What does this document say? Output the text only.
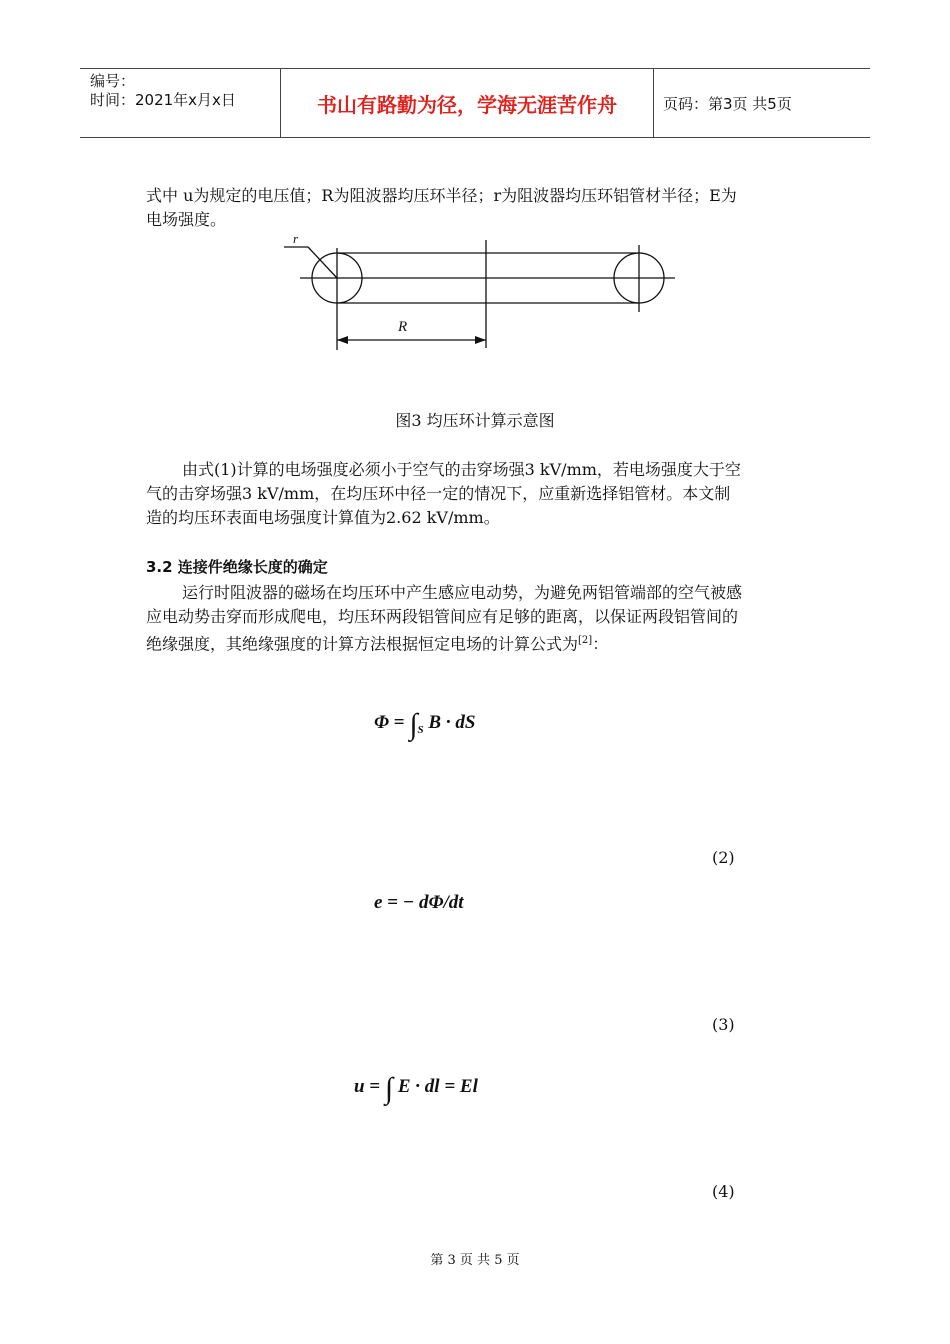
编号：
时间：2021年x月x日	书山有路勤为径，学海无涯苦作舟	页码：第3页 共5页
式中 u为规定的电压值；R为阻波器均压环半径；r为阻波器均压环铝管材半径；E为电场强度。
r
R
图3 均压环计算示意图
由式(1)计算的电场强度必须小于空气的击穿场强3 kV/mm，若电场强度大于空气的击穿场强3 kV/mm，在均压环中径一定的情况下，应重新选择铝管材。本文制造的均压环表面电场强度计算值为2.62 kV/mm。
3.2 连接件绝缘长度的确定
运行时阻波器的磁场在均压环中产生感应电动势，为避免两铝管端部的空气被感应电动势击穿而形成爬电，均压环两段铝管间应有足够的距离，以保证两段铝管间的绝缘强度，其绝缘强度的计算方法根据恒定电场的计算公式为[2]：
$\Phi = \int_S$ B · dS
(2)
e = − dΦ/dt
(3)
u = ∫ E · dl = El
(4)
第 3 页 共 5 页
